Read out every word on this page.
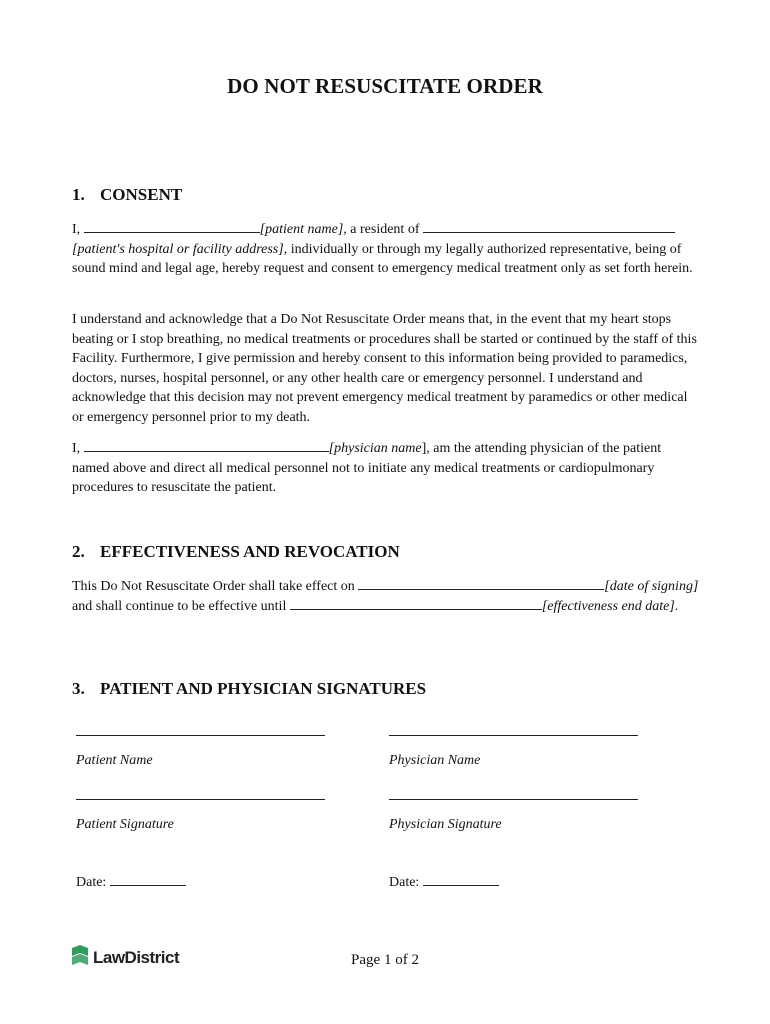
DO NOT RESUSCITATE ORDER
1. CONSENT

I,	[patient name], a resident of  [patient's hospital or facility address], individually or through my legally authorized representative, being of sound mind and legal age, hereby request and consent to emergency medical treatment only as set forth herein.

I understand and acknowledge that a Do Not Resuscitate Order means that, in the event that my heart stops beating or I stop breathing, no medical treatments or procedures shall be started or continued by the staff of this Facility. Furthermore, I give permission and hereby consent to this information being provided to paramedics, doctors, nurses, hospital personnel, or any other health care or emergency personnel. I understand and acknowledge that this decision may not prevent emergency medical treatment by paramedics or other medical or emergency personnel prior to my death.

I,	[physician name], am the attending physician of the patient named above and direct all medical personnel not to initiate any medical treatments or cardiopulmonary procedures to resuscitate the patient.

2. EFFECTIVENESS AND REVOCATION

This Do Not Resuscitate Order shall take effect on	[date of signing] and shall continue to be effective until	[effectiveness end date].

3. PATIENT AND PHYSICIAN SIGNATURES
Patient Name	Physician Name
Patient Signature	Physician Signature
Date:	Date:
LawDistrict	Page 1 of 2
